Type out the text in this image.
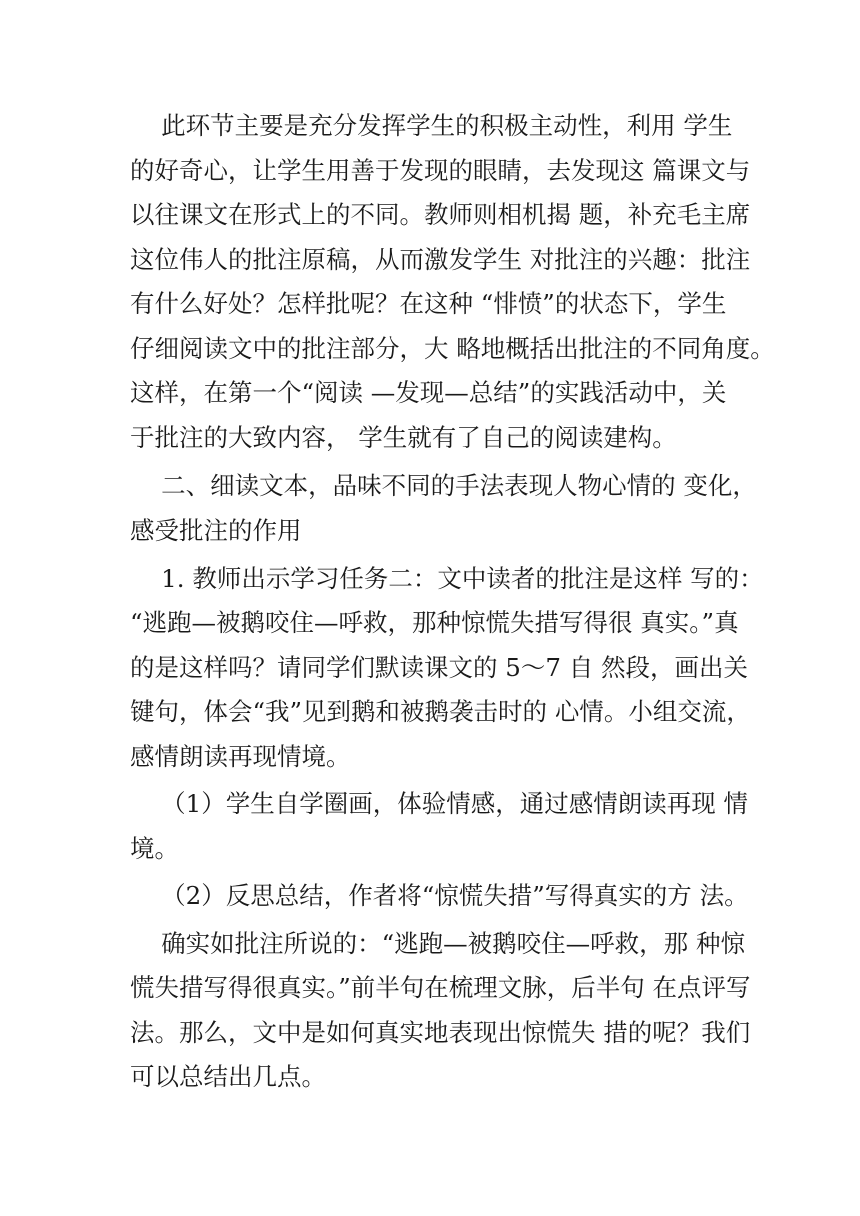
此环节主要是充分发挥学生的积极主动性，利用 学生
的好奇心，让学生用善于发现的眼睛，去发现这 篇课文与
以往课文在形式上的不同。教师则相机揭 题，补充毛主席
这位伟人的批注原稿，从而激发学生 对批注的兴趣：批注
有什么好处？怎样批呢？在这种 “悱愤”的状态下，学生
仔细阅读文中的批注部分，大 略地概括出批注的不同角度。
这样，在第一个“阅读 —发现—总结”的实践活动中，关
于批注的大致内容， 学生就有了自己的阅读建构。
二、细读文本，品味不同的手法表现人物心情的 变化，
感受批注的作用
1. 教师出示学习任务二：文中读者的批注是这样 写的：
“逃跑—被鹅咬住—呼救，那种惊慌失措写得很 真实。”真
的是这样吗？请同学们默读课文的 5～7 自 然段，画出关
键句，体会“我”见到鹅和被鹅袭击时的 心情。小组交流，
感情朗读再现情境。
（1）学生自学圈画，体验情感，通过感情朗读再现 情
境。
（2）反思总结，作者将“惊慌失措”写得真实的方 法。
确实如批注所说的：“逃跑—被鹅咬住—呼救，那 种惊
慌失措写得很真实。”前半句在梳理文脉，后半句 在点评写
法。那么，文中是如何真实地表现出惊慌失 措的呢？我们
可以总结出几点。
